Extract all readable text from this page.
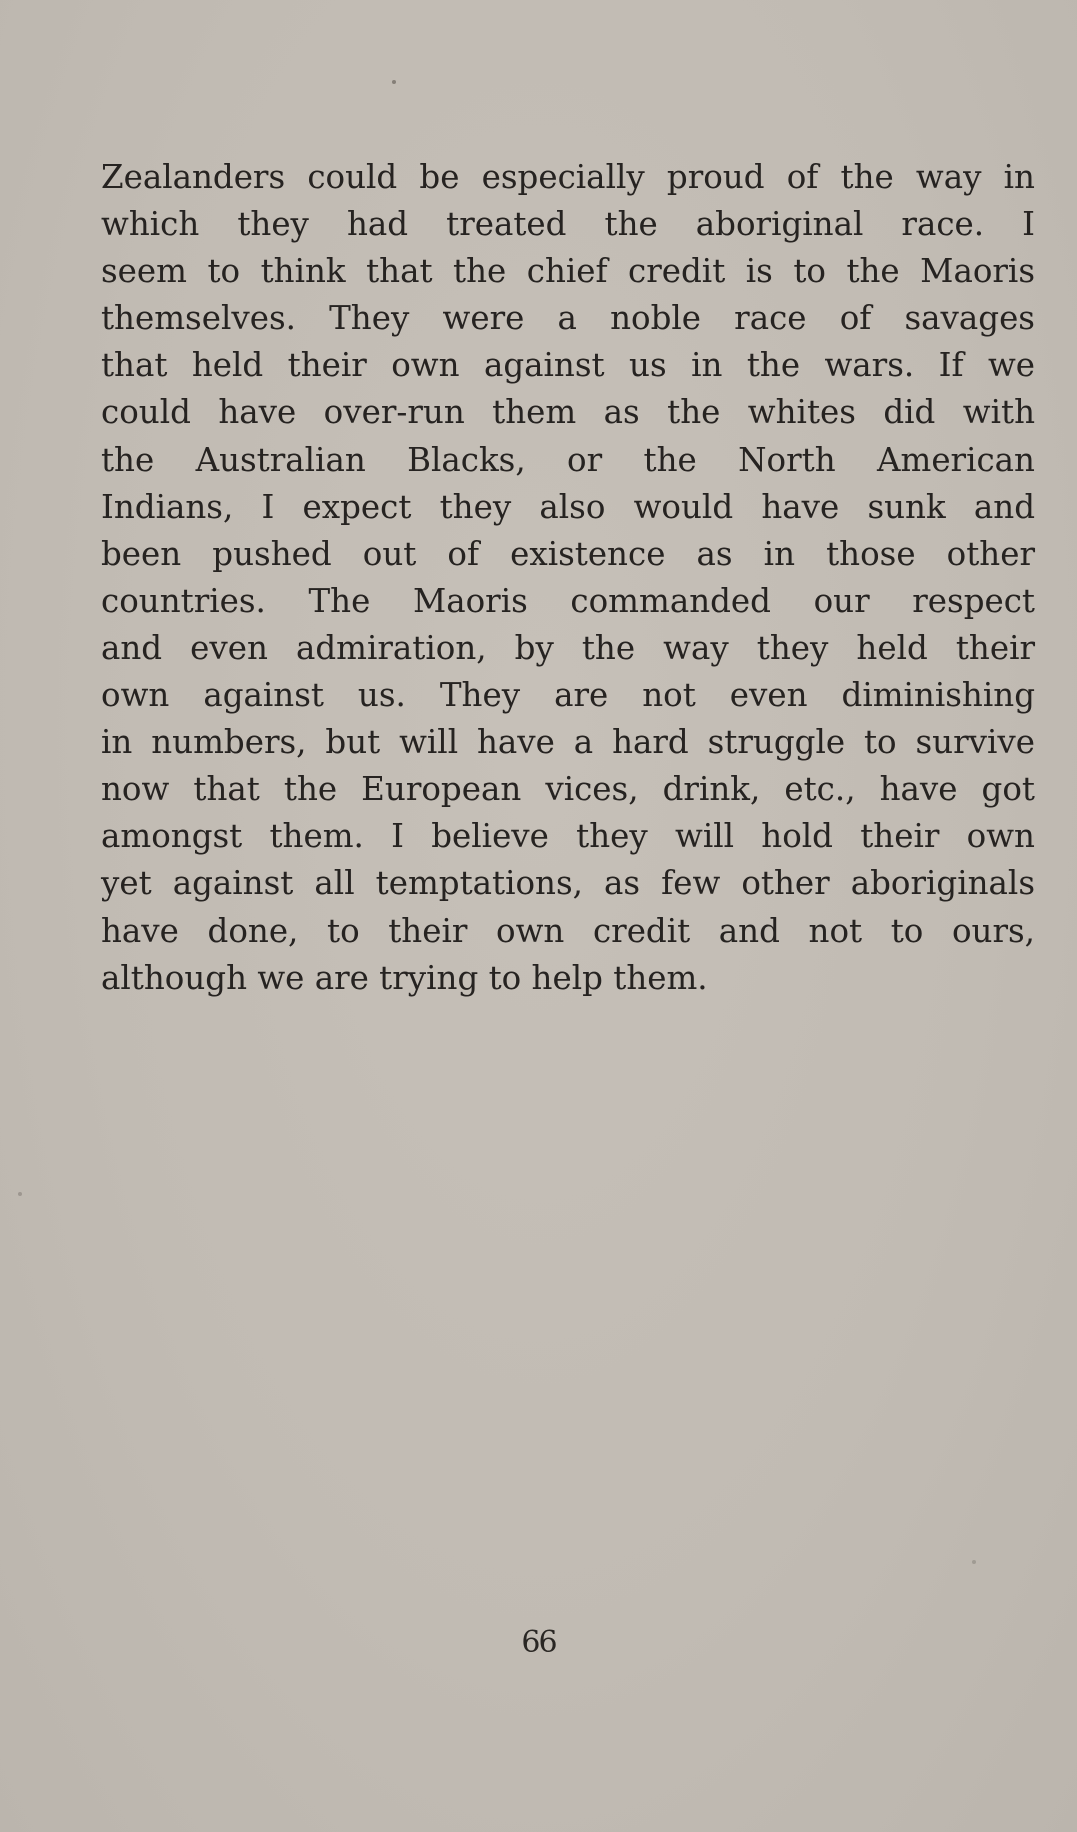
Zealanders could be especially proud of the way in
which they had treated the aboriginal race. I
seem to think that the chief credit is to the Maoris
themselves. They were a noble race of savages
that held their own against us in the wars. If we
could have over-run them as the whites did with
the Australian Blacks, or the North American
Indians, I expect they also would have sunk and
been pushed out of existence as in those other
countries. The Maoris commanded our respect
and even admiration, by the way they held their
own against us. They are not even diminishing
in numbers, but will have a hard struggle to survive
now that the European vices, drink, etc., have got
amongst them. I believe they will hold their own
yet against all temptations, as few other aboriginals
have done, to their own credit and not to ours,
although we are trying to help them.
66
